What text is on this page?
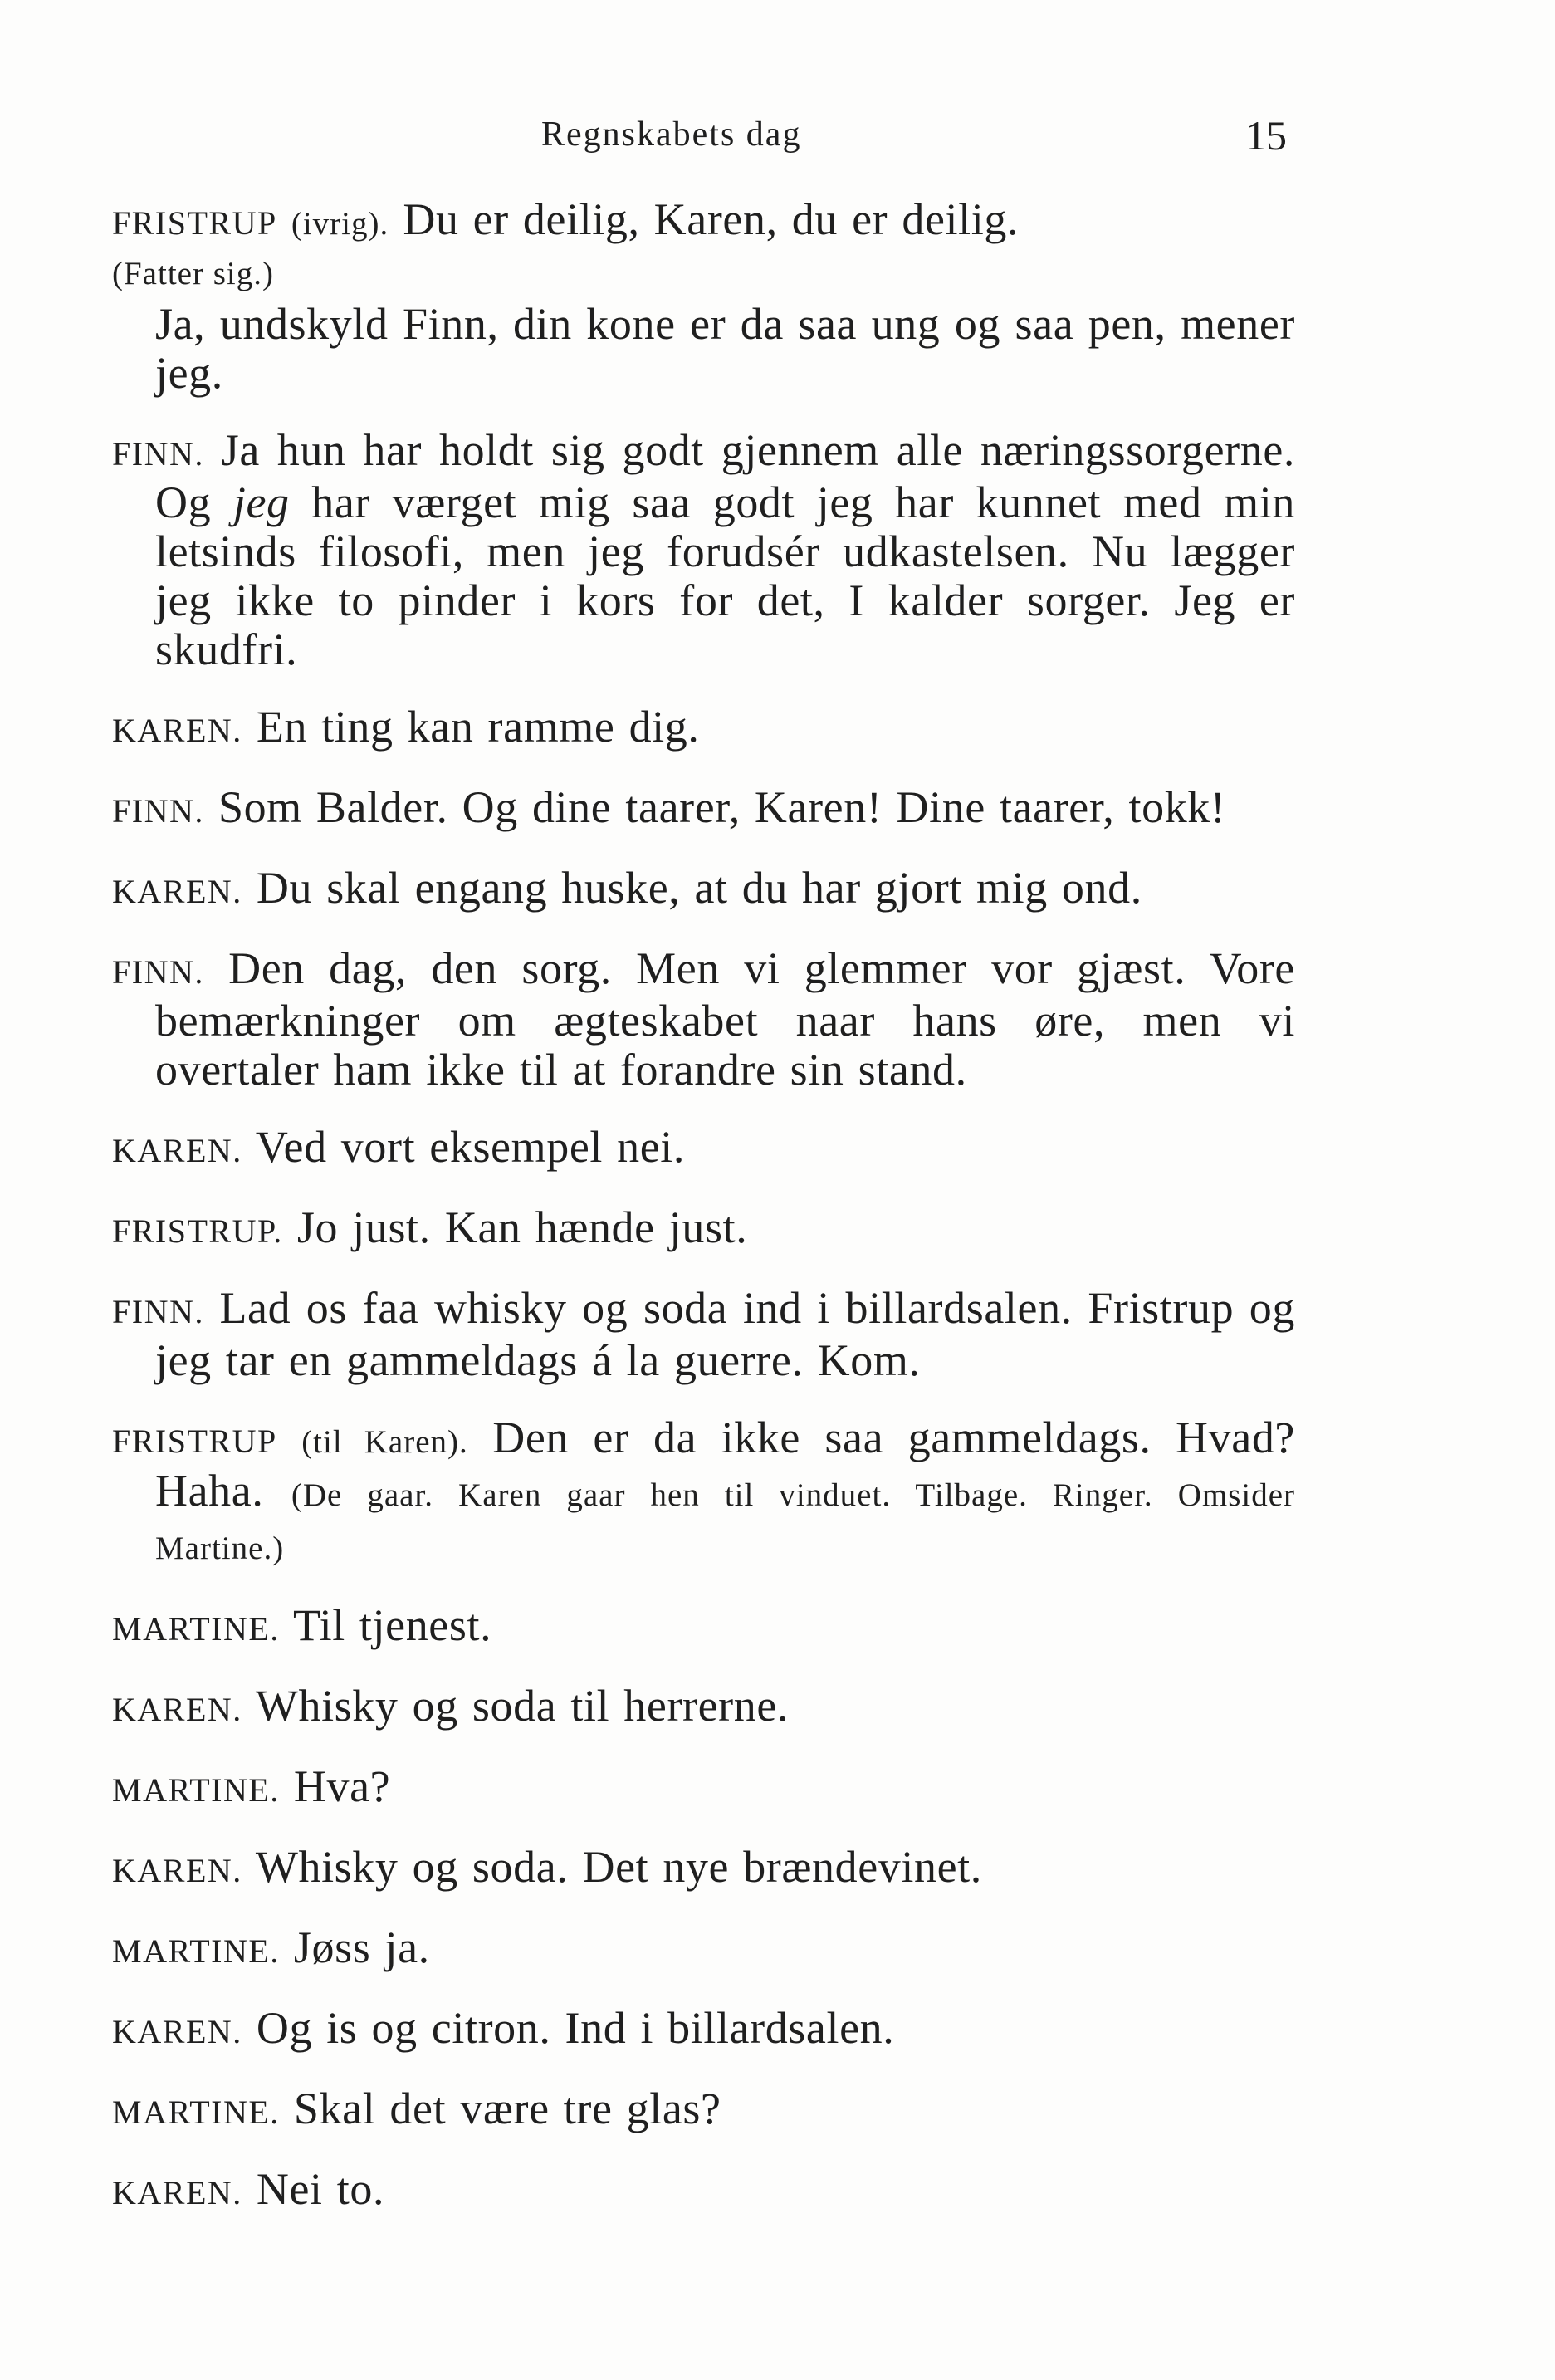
Regnskabets dag	15

FRISTRUP (ivrig). Du er deilig, Karen, du er deilig.

(Fatter sig.)

Ja, undskyld Finn, din kone er da saa ung og saa pen, mener jeg.

FINN. Ja hun har holdt sig godt gjennem alle næringssorgerne. Og jeg har værget mig saa godt jeg har kunnet med min letsinds filosofi, men jeg forudsér udkastelsen. Nu lægger jeg ikke to pinder i kors for det, I kalder sorger. Jeg er skudfri.

KAREN. En ting kan ramme dig.

FINN. Som Balder. Og dine taarer, Karen! Dine taarer, tokk!

KAREN. Du skal engang huske, at du har gjort mig ond.

FINN. Den dag, den sorg. Men vi glemmer vor gjæst. Vore bemærkninger om ægteskabet naar hans øre, men vi overtaler ham ikke til at forandre sin stand.

KAREN. Ved vort eksempel nei.

FRISTRUP. Jo just. Kan hænde just.

FINN. Lad os faa whisky og soda ind i billardsalen. Fristrup og jeg tar en gammeldags á la guerre. Kom.

FRISTRUP (til Karen). Den er da ikke saa gammeldags. Hvad? Haha. (De gaar. Karen gaar hen til vinduet. Tilbage. Ringer. Omsider Martine.)

MARTINE. Til tjenest.

KAREN. Whisky og soda til herrerne.

MARTINE. Hva?

KAREN. Whisky og soda. Det nye brændevinet.

MARTINE. Jøss ja.

KAREN. Og is og citron. Ind i billardsalen.

MARTINE. Skal det være tre glas?

KAREN. Nei to.
